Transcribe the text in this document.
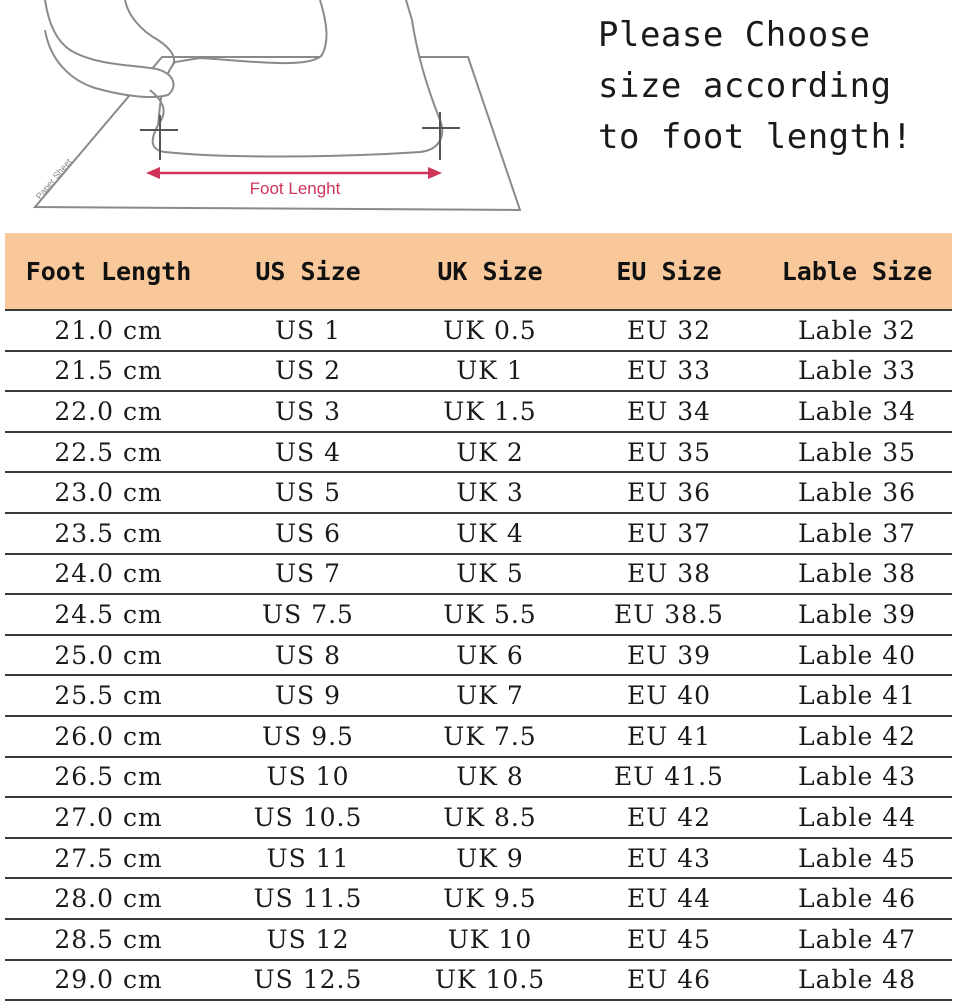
Paper Sheet	Foot Lenght
Please Choose
size according
to foot length!
Foot Length	US Size	UK Size	EU Size	Lable Size
21.0 cm	US 1	UK 0.5	EU 32	Lable 32
21.5 cm	US 2	UK 1	EU 33	Lable 33
22.0 cm	US 3	UK 1.5	EU 34	Lable 34
22.5 cm	US 4	UK 2	EU 35	Lable 35
23.0 cm	US 5	UK 3	EU 36	Lable 36
23.5 cm	US 6	UK 4	EU 37	Lable 37
24.0 cm	US 7	UK 5	EU 38	Lable 38
24.5 cm	US 7.5	UK 5.5	EU 38.5	Lable 39
25.0 cm	US 8	UK 6	EU 39	Lable 40
25.5 cm	US 9	UK 7	EU 40	Lable 41
26.0 cm	US 9.5	UK 7.5	EU 41	Lable 42
26.5 cm	US 10	UK 8	EU 41.5	Lable 43
27.0 cm	US 10.5	UK 8.5	EU 42	Lable 44
27.5 cm	US 11	UK 9	EU 43	Lable 45
28.0 cm	US 11.5	UK 9.5	EU 44	Lable 46
28.5 cm	US 12	UK 10	EU 45	Lable 47
29.0 cm	US 12.5	UK 10.5	EU 46	Lable 48
